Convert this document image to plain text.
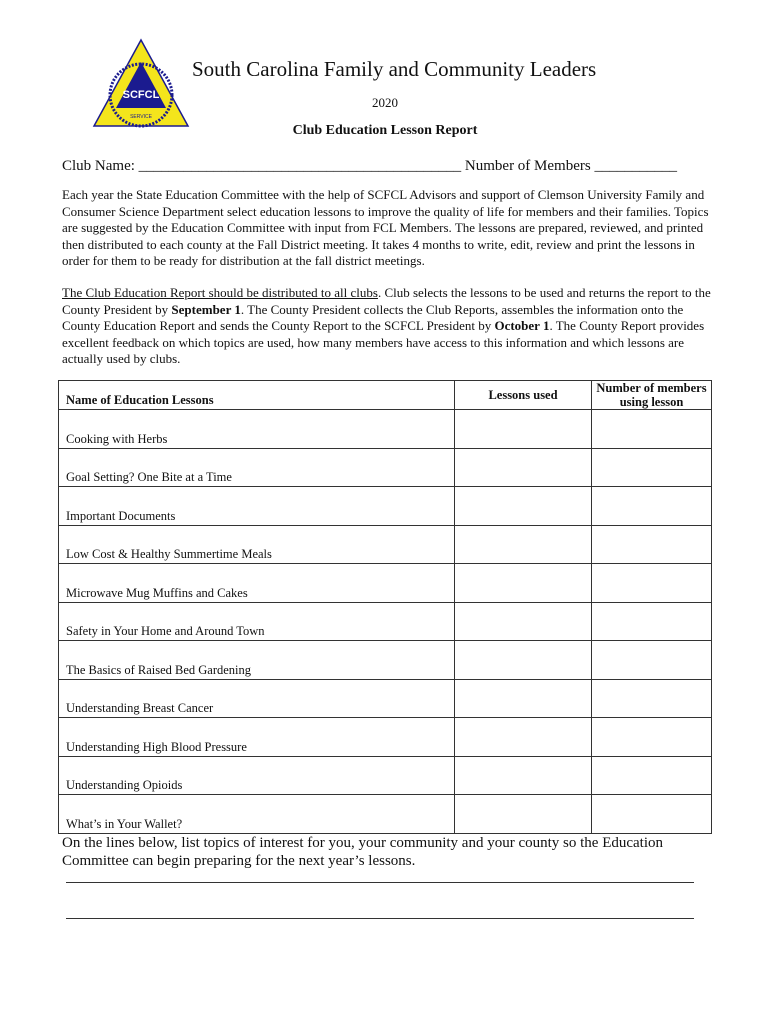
SCFCL
SERVICE
South Carolina Family and Community Leaders
2020
Club Education Lesson Report
Club Name: ___________________________________________ Number of Members ___________
Each year the State Education Committee with the help of SCFCL Advisors and support of Clemson University Family and Consumer Science Department select education lessons to improve the quality of life for members and their families. Topics are suggested by the Education Committee with input from FCL Members. The lessons are prepared, reviewed, and printed then distributed to each county at the Fall District meeting. It takes 4 months to write, edit, review and print the lessons in order for them to be ready for distribution at the fall district meetings.
The Club Education Report should be distributed to all clubs. Club selects the lessons to be used and returns the report to the County President by September 1. The County President collects the Club Reports, assembles the information onto the County Education Report and sends the County Report to the SCFCL President by October 1. The County Report provides excellent feedback on which topics are used, how many members have access to this information and which lessons are actually used by clubs.
Name of Education Lessons	Lessons used	Number of members using lesson
Cooking with Herbs		
Goal Setting? One Bite at a Time		
Important Documents		
Low Cost & Healthy Summertime Meals		
Microwave Mug Muffins and Cakes		
Safety in Your Home and Around Town		
The Basics of Raised Bed Gardening		
Understanding Breast Cancer		
Understanding High Blood Pressure		
Understanding Opioids		
What’s in Your Wallet?		
On the lines below, list topics of interest for you, your community and your county so the Education Committee can begin preparing for the next year’s lessons.
